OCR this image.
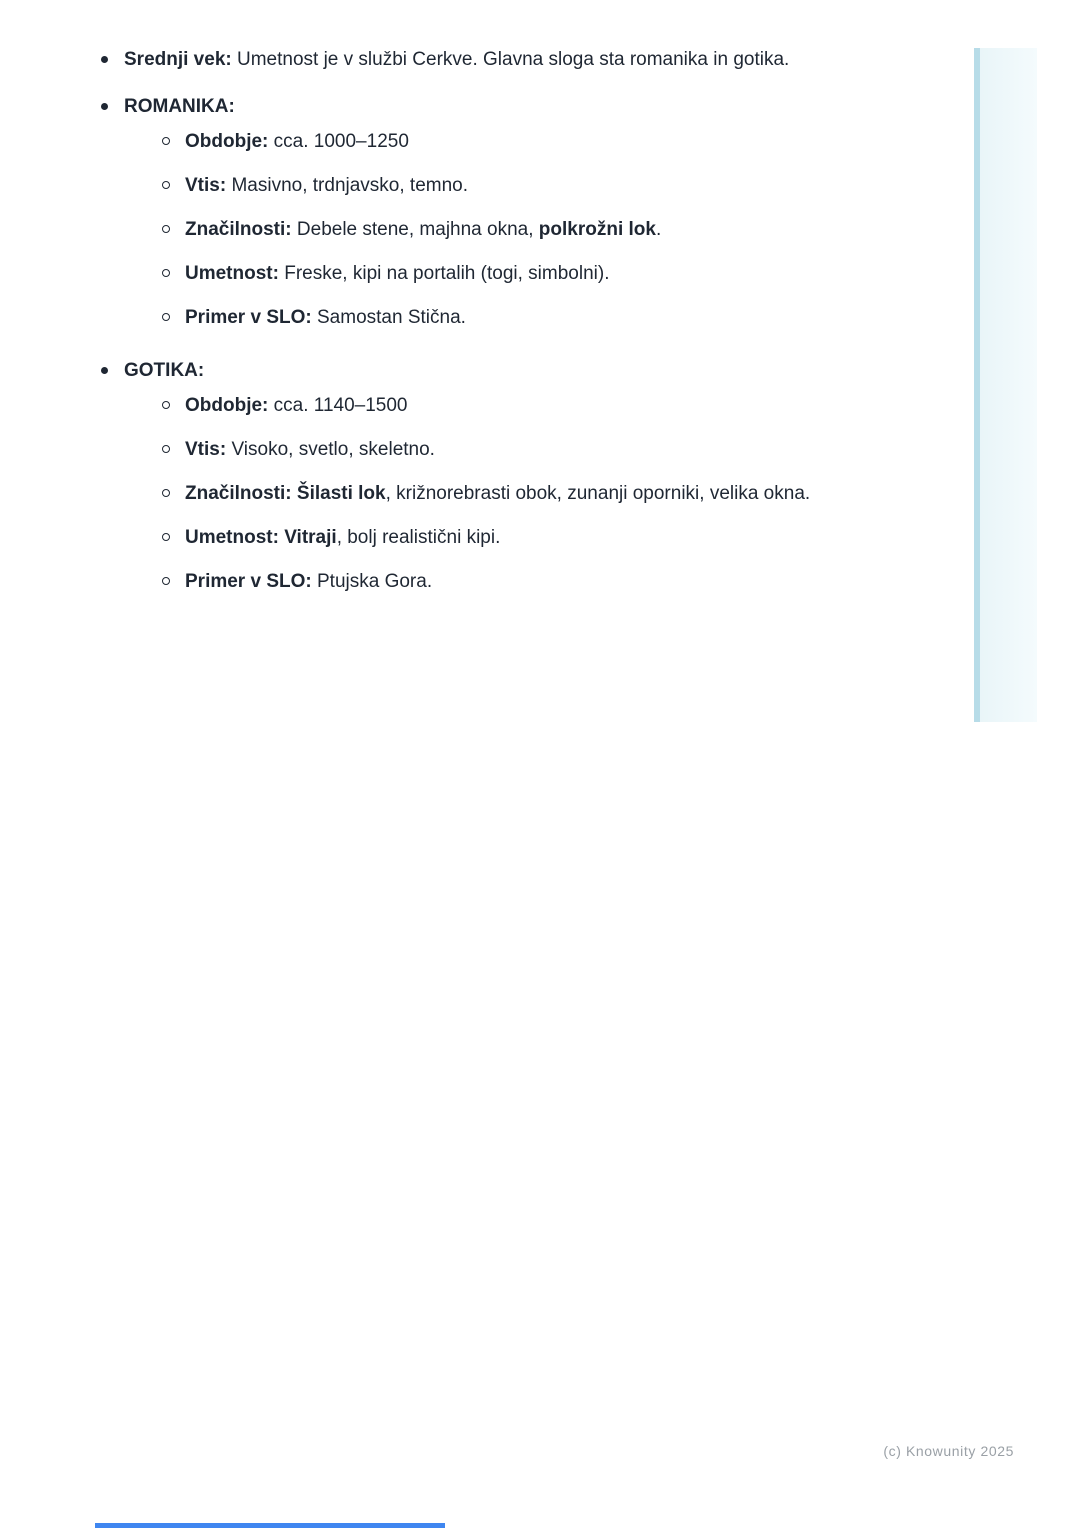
Srednji vek: Umetnost je v službi Cerkve. Glavna sloga sta romanika in gotika.
ROMANIKA:
Obdobje: cca. 1000–1250
Vtis: Masivno, trdnjavsko, temno.
Značilnosti: Debele stene, majhna okna, polkrožni lok.
Umetnost: Freske, kipi na portalih (togi, simbolni).
Primer v SLO: Samostan Stična.
GOTIKA:
Obdobje: cca. 1140–1500
Vtis: Visoko, svetlo, skeletno.
Značilnosti: Šilasti lok, križnorebrasti obok, zunanji oporniki, velika okna.
Umetnost: Vitraji, bolj realistični kipi.
Primer v SLO: Ptujska Gora.
(c) Knowunity 2025
